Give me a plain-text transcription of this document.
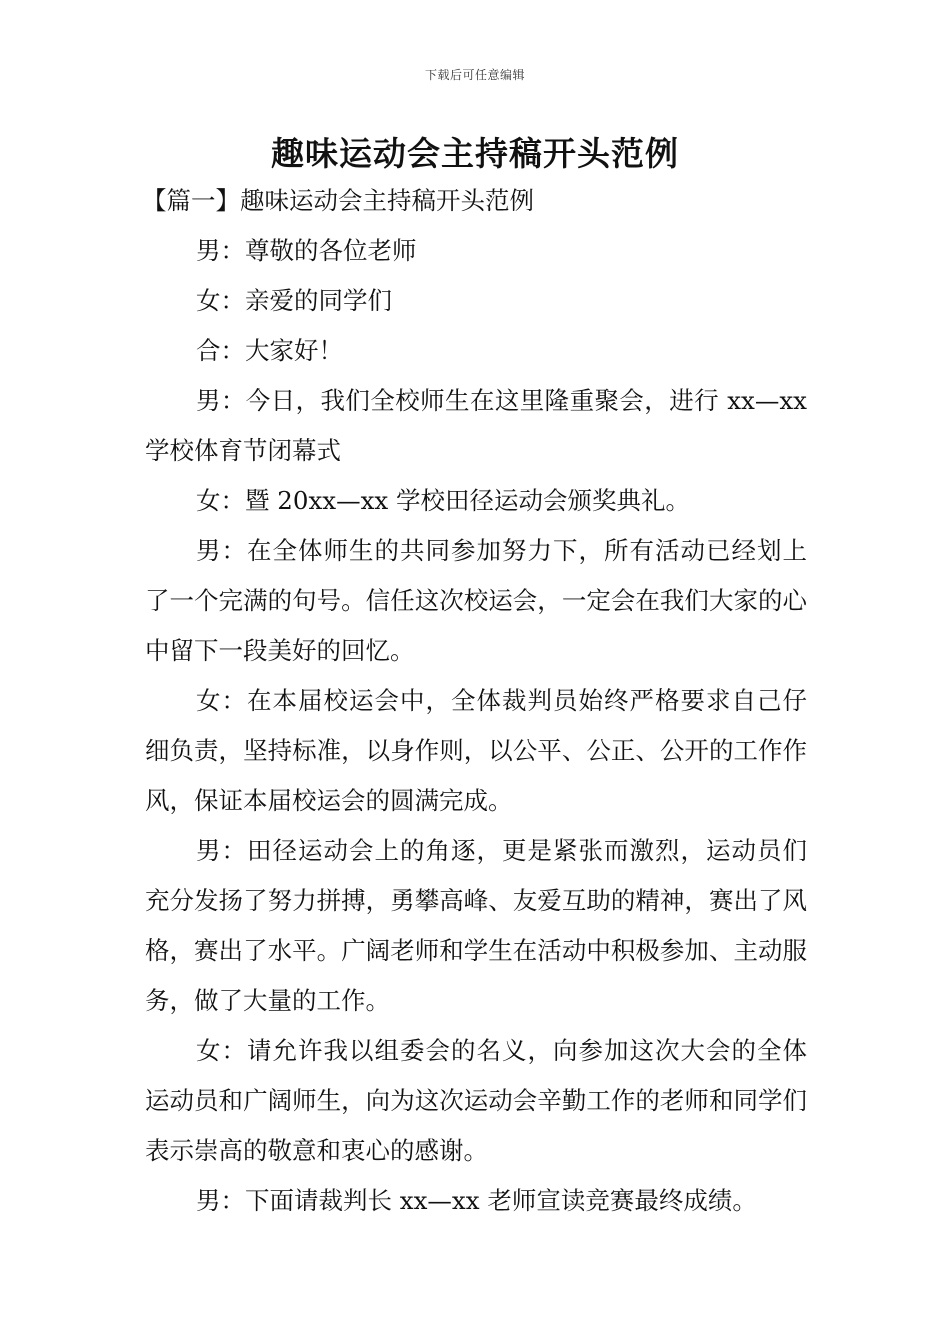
下载后可任意编辑
趣味运动会主持稿开头范例

【篇一】趣味运动会主持稿开头范例

男：尊敬的各位老师

女：亲爱的同学们

合：大家好！

男：今日，我们全校师生在这里隆重聚会，进行 xx—xx 学校体育节闭幕式

女：暨 20xx—xx 学校田径运动会颁奖典礼。

男：在全体师生的共同参加努力下，所有活动已经划上了一个完满的句号。信任这次校运会，一定会在我们大家的心中留下一段美好的回忆。

女：在本届校运会中，全体裁判员始终严格要求自己仔细负责，坚持标准，以身作则，以公平、公正、公开的工作作风，保证本届校运会的圆满完成。

男：田径运动会上的角逐，更是紧张而激烈，运动员们充分发扬了努力拼搏，勇攀高峰、友爱互助的精神，赛出了风格，赛出了水平。广阔老师和学生在活动中积极参加、主动服务，做了大量的工作。

女：请允许我以组委会的名义，向参加这次大会的全体运动员和广阔师生，向为这次运动会辛勤工作的老师和同学们表示崇高的敬意和衷心的感谢。

男：下面请裁判长 xx—xx 老师宣读竞赛最终成绩。
